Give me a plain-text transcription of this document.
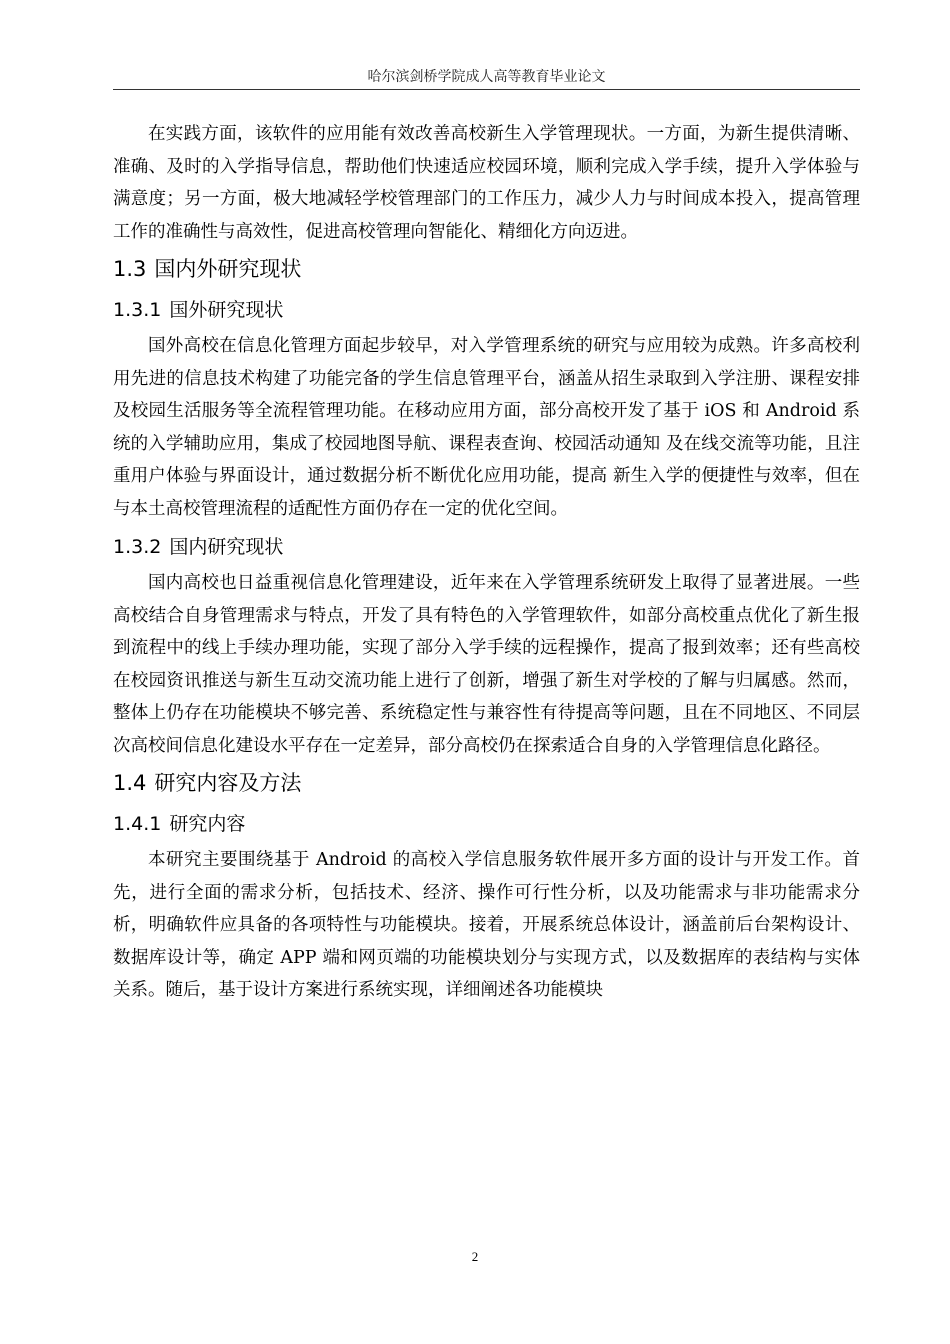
哈尔滨剑桥学院成人高等教育毕业论文

在实践方面，该软件的应用能有效改善高校新生入学管理现状。一方面，为新生提供清晰、准确、及时的入学指导信息，帮助他们快速适应校园环境，顺利完成入学手续，提升入学体验与满意度；另一方面，极大地减轻学校管理部门的工作压力，减少人力与时间成本投入，提高管理工作的准确性与高效性，促进高校管理向智能化、精细化方向迈进。

1.3 国内外研究现状
1.3.1 国外研究现状

国外高校在信息化管理方面起步较早，对入学管理系统的研究与应用较为成熟。许多高校利用先进的信息技术构建了功能完备的学生信息管理平台，涵盖从招生录取到入学注册、课程安排及校园生活服务等全流程管理功能。在移动应用方面，部分高校开发了基于 iOS 和 Android 系统的入学辅助应用，集成了校园地图导航、课程表查询、校园活动通知 及在线交流等功能，且注重用户体验与界面设计，通过数据分析不断优化应用功能，提高 新生入学的便捷性与效率，但在与本土高校管理流程的适配性方面仍存在一定的优化空间。

1.3.2 国内研究现状

国内高校也日益重视信息化管理建设，近年来在入学管理系统研发上取得了显著进展。一些高校结合自身管理需求与特点，开发了具有特色的入学管理软件，如部分高校重点优化了新生报到流程中的线上手续办理功能，实现了部分入学手续的远程操作，提高了报到效率；还有些高校在校园资讯推送与新生互动交流功能上进行了创新，增强了新生对学校的了解与归属感。然而，整体上仍存在功能模块不够完善、系统稳定性与兼容性有待提高等问题，且在不同地区、不同层次高校间信息化建设水平存在一定差异，部分高校仍在探索适合自身的入学管理信息化路径。

1.4 研究内容及方法
1.4.1 研究内容

本研究主要围绕基于 Android 的高校入学信息服务软件展开多方面的设计与开发工作。首先，进行全面的需求分析，包括技术、经济、操作可行性分析，以及功能需求与非功能需求分析，明确软件应具备的各项特性与功能模块。接着，开展系统总体设计，涵盖前后台架构设计、数据库设计等，确定 APP 端和网页端的功能模块划分与实现方式，以及数据库的表结构与实体关系。随后，基于设计方案进行系统实现，详细阐述各功能模块

2
